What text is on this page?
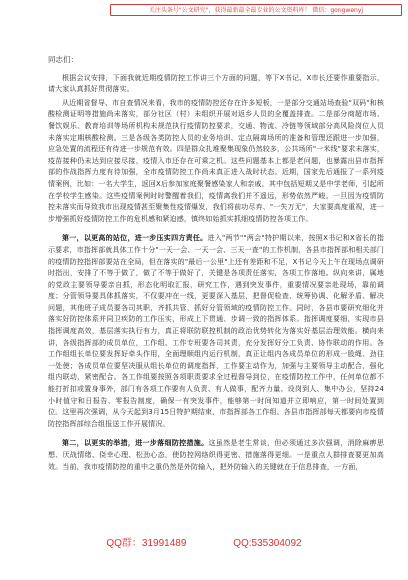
关注头条号"公文研究"，获得最新最全最专业的公文资料库！ 微信：gongwenyj

同志们：

根据会议安排，下面我就近期疫情防控工作讲三个方面的问题，等下X书记、X市长还要作重要指示，请大家认真抓好贯彻落实。

从近期省督导、市自查情况来看，我市的疫情防控还存在许多短板，一是部分交通站场查验"双码"和核酸检测证明等措施尚未落实，部分社区（村）未组织开展对返乡人员的全覆盖排查。二是部分商超市场、餐饮娱乐、教育培训等场所机构未规范执行疫情防控要求，交通、物流、冷链等领域部分高风险岗位人员未落实定期核酸检测。三是各级各类防控人员的业务培训、定点隔离场所的准备和管理还跟进一步加强，应急处置的流程还有待进一步规范有效。四是群众扎堆聚集现象仍然较多，公共场所"一米线"要求未落实，疫苗接种仍未达到应接尽接，疫情入市还存在可乘之机。这些问题基本上都是老问题，也暴露出县市指挥部的作战指挥力度有待加强，全市疫情防控工作尚未真正进入战时状态。近期，国家先后通报了一系列疫情案例，比如：一名大学生，返回X后参加家庭聚餐感染家人和亲戚，其中包括短期又是中学老师，引起所在学校学生感染。这些疫情案例时时警醒着我们，疫情离我们并不遥远，形势依然严峻。一旦因为疫情防控未落实而导致我市出现疫情甚至聚集性疫情爆发，我们将前功尽弃、"一失万无"，大家要高度重视，进一步增强抓好疫情防控工作的危机感和紧迫感，慎终如始抓实抓细疫情防控各项工作。

第一，以更高的站位，进一步压实四方责任。进入"两节""两会"特护期以来，按照X书记和X省长的指示要求，市指挥部就具体工作十分"一天一会、一天一会、三天一查"的工作机制，各县市指挥部和相关部门的疫情防控指挥部要站在全局，但在落实的"最后一公里"上还有差距和不足，X书记今天上午在现场点调研时指出，安排了不等于做了，做了不等于做好了，关键是各项责任落实，各项工作落地。纵向来讲，属地的党政主要领导要亲自抓，形态化明取汇报，研究工作，遇到突发事件，重要情况要亲赴现场，靠前调度；分管领导要具体抓落实，不仅要冲在一线，更要深入基层，把督促检查、统筹协调、化解矛盾、解决问题，其他班子成员要各司其职，齐抓共管，抓好分管领域的疫情防控工作。同时，各县市要研究细化并落实好防控体系并同卫疾防的工作压实，形成上下贯通、步调一致的指挥体系。指挥调度要细，实现市县指挥调度高效，基层落实执行有力，真正将联防联控机制的政治优势转化为落实好基层治理效能。横向来讲，各级指挥部的成员单位，工作组、工作专班要各司其责，充分发挥好分工负责、协作联动的作用。各工作组组长单位要发挥好牵头作用，全面理顺组内运行机制，真正让组内各成员单位的形成一股绳、劲往一处使；各成员单位要坚决服从组长单位的调度指挥，工作要主动作为，加强与主要领导主动配合，强化组内联动，紧密配合。各工作组要按照各项职责要求全过程督导到位，在疫情防控工作中，任何单位都不能打折扣或置身事外，部门有各项工作要有人负责、有人做事，配齐力量、设岗到人、集中办公，坚持24小时值守和日报告、零报告制度，确保一有突发事件，能够第一时间知道并立即响应，第一时间处置到位。这里再次强调，从今天起到3月15日特护期结束，市指挥部各工作组、各县市指挥部每天都要向市疫情防控指挥部综合组报送工作开展情况。

第二，以更实的举措，进一步落细防控措施。这虽然是老生常谈，但必须通过多次强调，消除麻痹思想、厌战情绪、侥幸心理、松劲心态，使防控网络织得更密、措施落得更细。一是重点人群排查要更加高效。当前，我市疫情防控的重中之重仍然是外防输入，把外防输入的关键就在于信息排查，一方面，

QQ群：31991489	QQ:535304092
